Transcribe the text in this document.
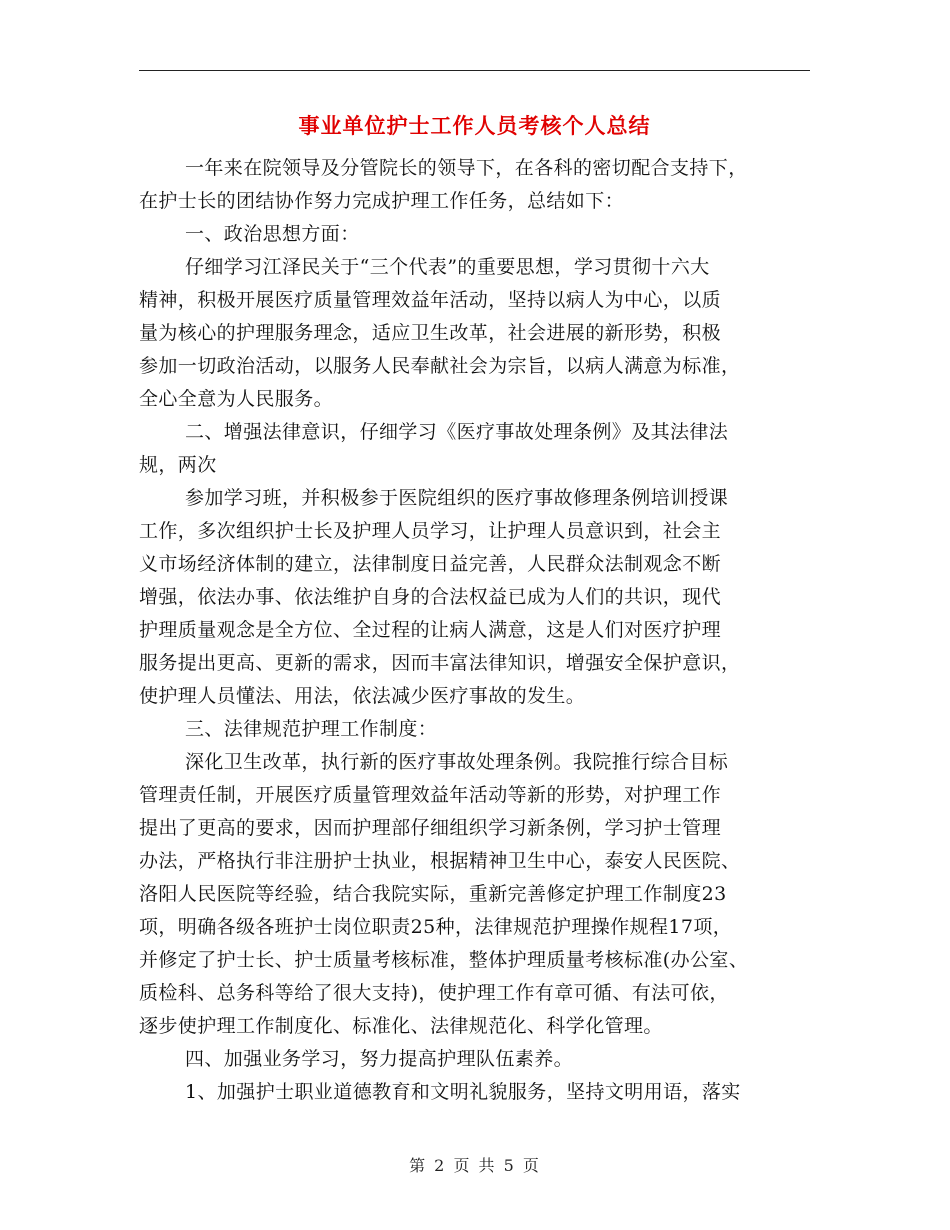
事业单位护士工作人员考核个人总结
一年来在院领导及分管院长的领导下，在各科的密切配合支持下，
在护士长的团结协作努力完成护理工作任务，总结如下：
一、政治思想方面：
仔细学习江泽民关于“三个代表”的重要思想，学习贯彻十六大
精神，积极开展医疗质量管理效益年活动，坚持以病人为中心，以质
量为核心的护理服务理念，适应卫生改革，社会进展的新形势，积极
参加一切政治活动，以服务人民奉献社会为宗旨，以病人满意为标准，
全心全意为人民服务。
二、增强法律意识，仔细学习《医疗事故处理条例》及其法律法
规，两次
参加学习班，并积极参于医院组织的医疗事故修理条例培训授课
工作，多次组织护士长及护理人员学习，让护理人员意识到，社会主
义市场经济体制的建立，法律制度日益完善，人民群众法制观念不断
增强，依法办事、依法维护自身的合法权益已成为人们的共识，现代
护理质量观念是全方位、全过程的让病人满意，这是人们对医疗护理
服务提出更高、更新的需求，因而丰富法律知识，增强安全保护意识，
使护理人员懂法、用法，依法减少医疗事故的发生。
三、法律规范护理工作制度：
深化卫生改革，执行新的医疗事故处理条例。我院推行综合目标
管理责任制，开展医疗质量管理效益年活动等新的形势，对护理工作
提出了更高的要求，因而护理部仔细组织学习新条例，学习护士管理
办法，严格执行非注册护士执业，根据精神卫生中心，泰安人民医院、
洛阳人民医院等经验，结合我院实际，重新完善修定护理工作制度23
项，明确各级各班护士岗位职责25种，法律规范护理操作规程17项，
并修定了护士长、护士质量考核标准，整体护理质量考核标准(办公室、
质检科、总务科等给了很大支持)，使护理工作有章可循、有法可依，
逐步使护理工作制度化、标准化、法律规范化、科学化管理。
四、加强业务学习，努力提高护理队伍素养。
1、加强护士职业道德教育和文明礼貌服务，坚持文明用语，落实
第 2 页 共 5 页
